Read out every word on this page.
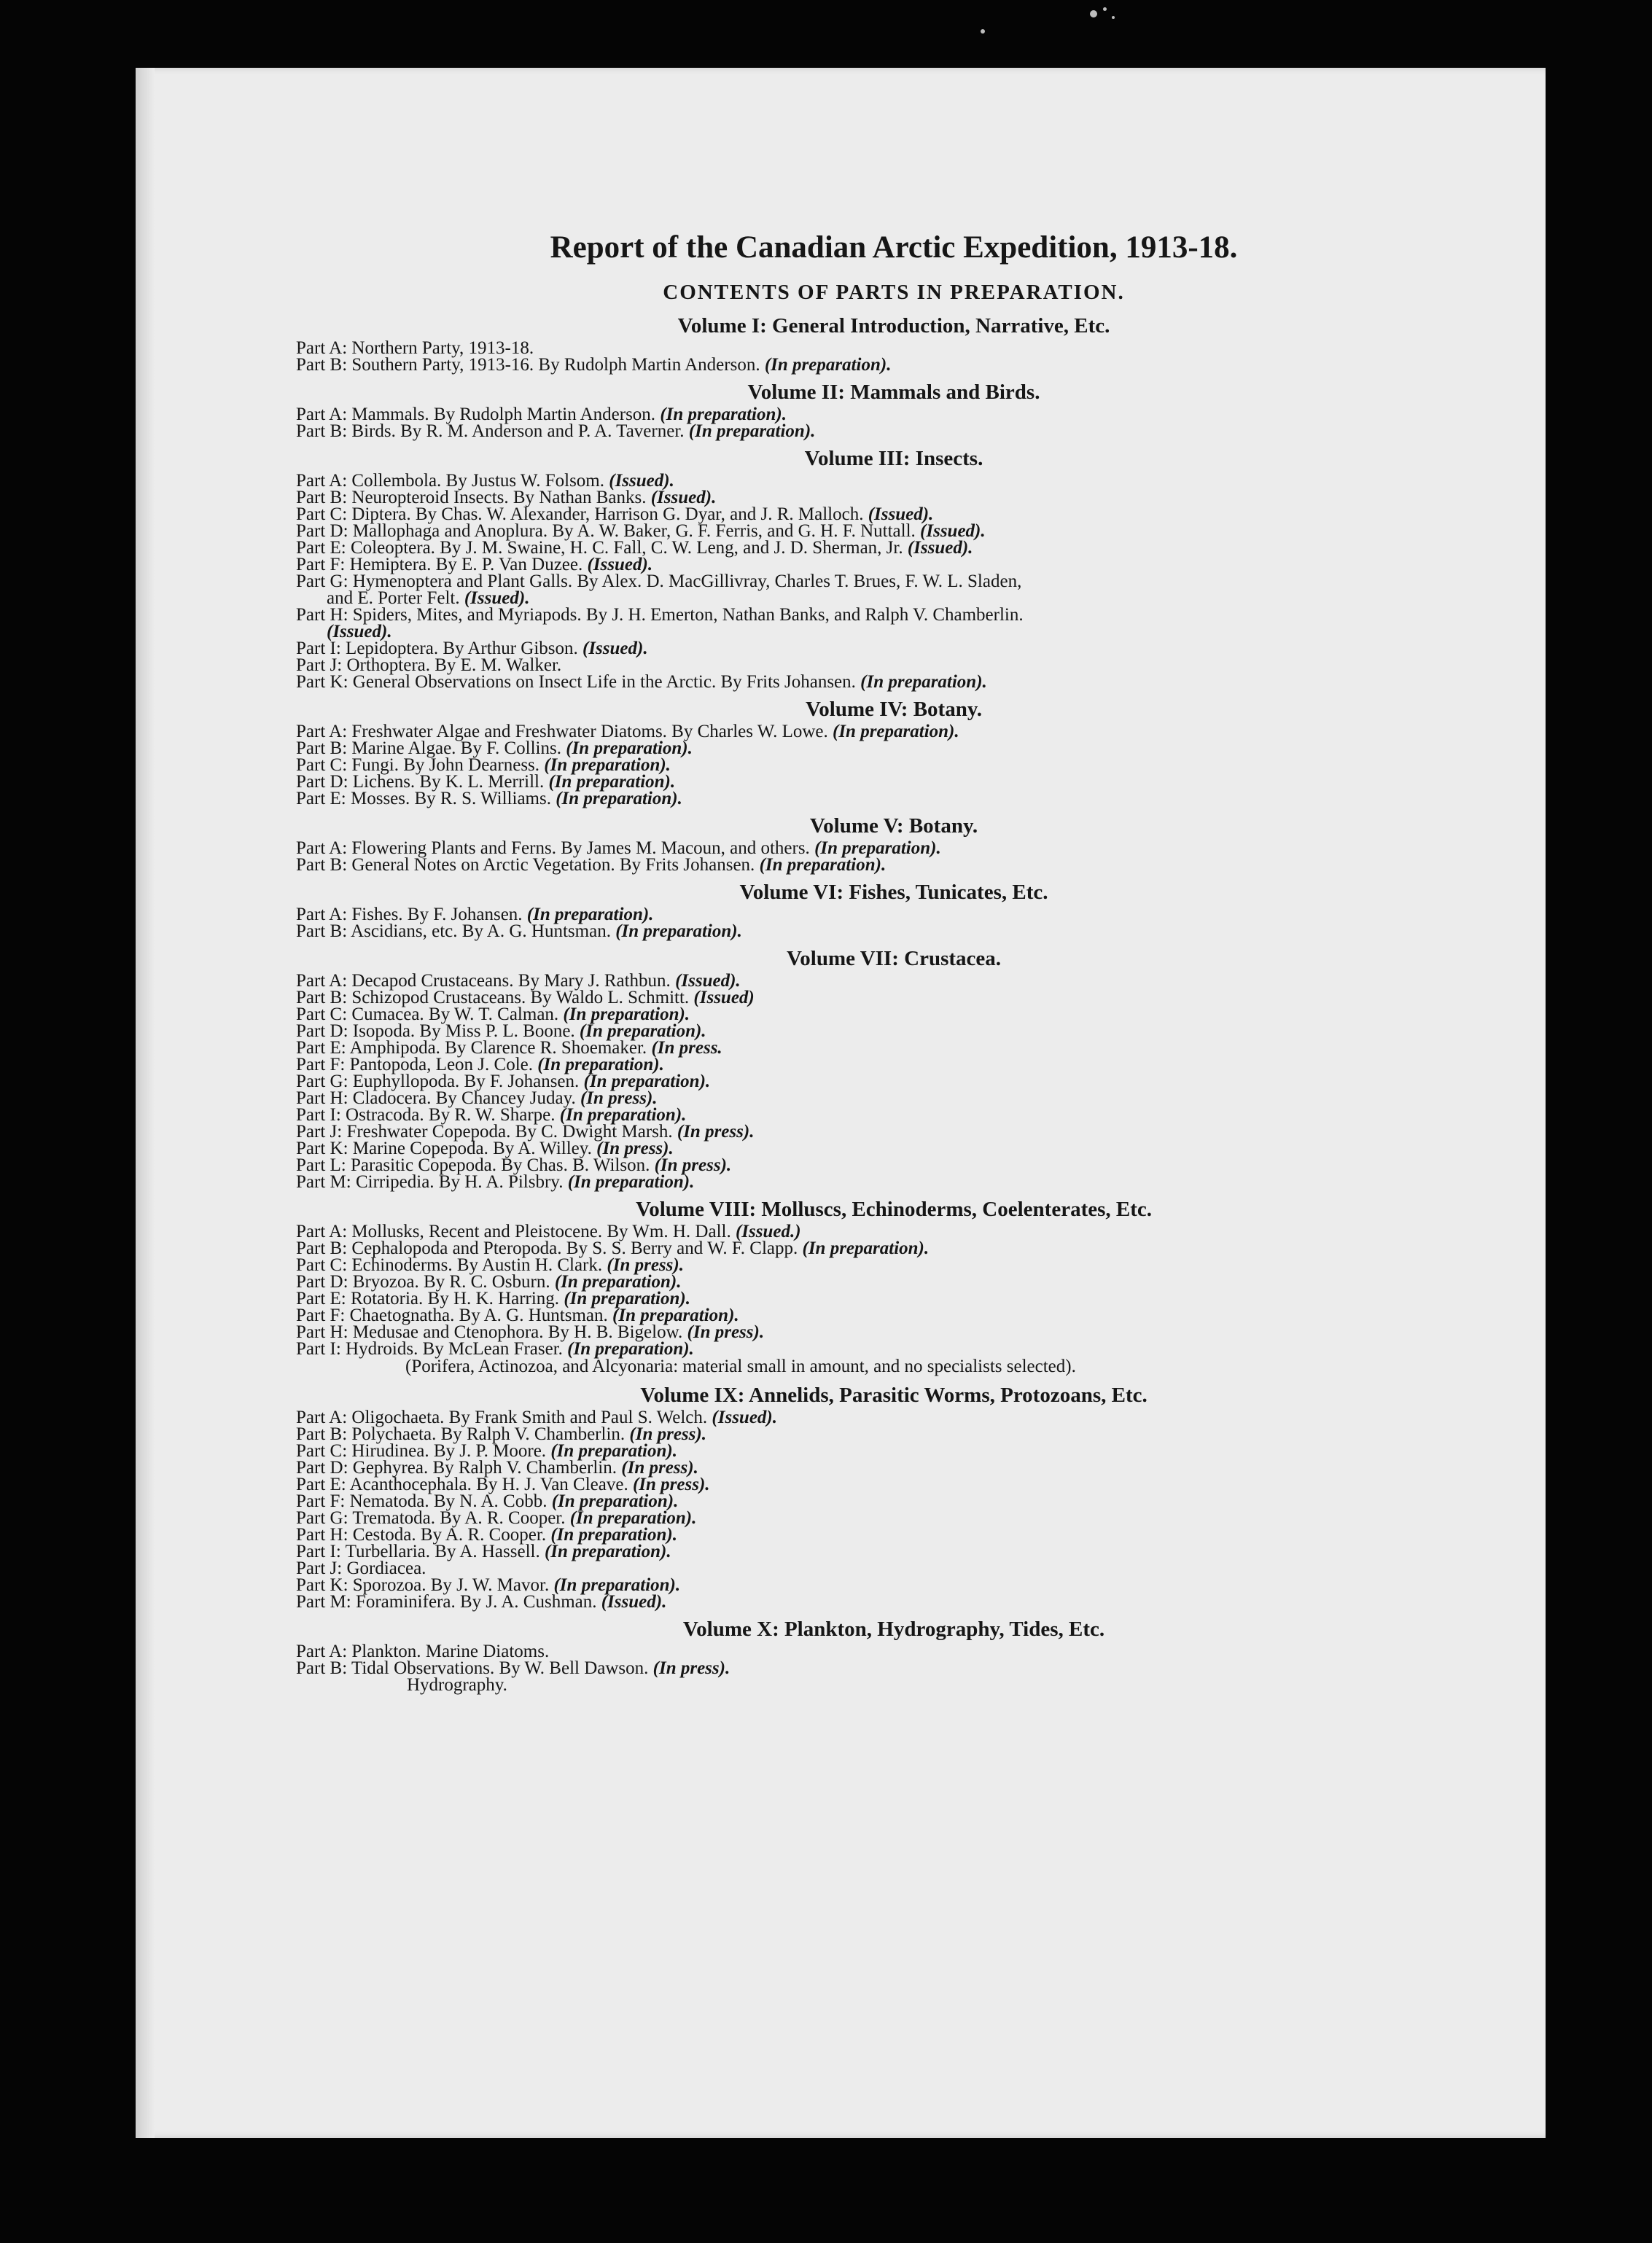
Report of the Canadian Arctic Expedition, 1913-18.
CONTENTS OF PARTS IN PREPARATION.
Volume I: General Introduction, Narrative, Etc.
Part A: Northern Party, 1913-18.
Part B: Southern Party, 1913-16. By Rudolph Martin Anderson. (In preparation).
Volume II: Mammals and Birds.
Part A: Mammals. By Rudolph Martin Anderson. (In preparation).
Part B: Birds. By R. M. Anderson and P. A. Taverner. (In preparation).
Volume III: Insects.
Part A: Collembola. By Justus W. Folsom. (Issued).
Part B: Neuropteroid Insects. By Nathan Banks. (Issued).
Part C: Diptera. By Chas. W. Alexander, Harrison G. Dyar, and J. R. Malloch. (Issued).
Part D: Mallophaga and Anoplura. By A. W. Baker, G. F. Ferris, and G. H. F. Nuttall. (Issued).
Part E: Coleoptera. By J. M. Swaine, H. C. Fall, C. W. Leng, and J. D. Sherman, Jr. (Issued).
Part F: Hemiptera. By E. P. Van Duzee. (Issued).
Part G: Hymenoptera and Plant Galls. By Alex. D. MacGillivray, Charles T. Brues, F. W. L. Sladen,
and E. Porter Felt. (Issued).
Part H: Spiders, Mites, and Myriapods. By J. H. Emerton, Nathan Banks, and Ralph V. Chamberlin.
(Issued).
Part I: Lepidoptera. By Arthur Gibson. (Issued).
Part J: Orthoptera. By E. M. Walker.
Part K: General Observations on Insect Life in the Arctic. By Frits Johansen. (In preparation).
Volume IV: Botany.
Part A: Freshwater Algae and Freshwater Diatoms. By Charles W. Lowe. (In preparation).
Part B: Marine Algae. By F. Collins. (In preparation).
Part C: Fungi. By John Dearness. (In preparation).
Part D: Lichens. By K. L. Merrill. (In preparation).
Part E: Mosses. By R. S. Williams. (In preparation).
Volume V: Botany.
Part A: Flowering Plants and Ferns. By James M. Macoun, and others. (In preparation).
Part B: General Notes on Arctic Vegetation. By Frits Johansen. (In preparation).
Volume VI: Fishes, Tunicates, Etc.
Part A: Fishes. By F. Johansen. (In preparation).
Part B: Ascidians, etc. By A. G. Huntsman. (In preparation).
Volume VII: Crustacea.
Part A: Decapod Crustaceans. By Mary J. Rathbun. (Issued).
Part B: Schizopod Crustaceans. By Waldo L. Schmitt. (Issued)
Part C: Cumacea. By W. T. Calman. (In preparation).
Part D: Isopoda. By Miss P. L. Boone. (In preparation).
Part E: Amphipoda. By Clarence R. Shoemaker. (In press.
Part F: Pantopoda, Leon J. Cole. (In preparation).
Part G: Euphyllopoda. By F. Johansen. (In preparation).
Part H: Cladocera. By Chancey Juday. (In press).
Part I: Ostracoda. By R. W. Sharpe. (In preparation).
Part J: Freshwater Copepoda. By C. Dwight Marsh. (In press).
Part K: Marine Copepoda. By A. Willey. (In press).
Part L: Parasitic Copepoda. By Chas. B. Wilson. (In press).
Part M: Cirripedia. By H. A. Pilsbry. (In preparation).
Volume VIII: Molluscs, Echinoderms, Coelenterates, Etc.
Part A: Mollusks, Recent and Pleistocene. By Wm. H. Dall. (Issued.)
Part B: Cephalopoda and Pteropoda. By S. S. Berry and W. F. Clapp. (In preparation).
Part C: Echinoderms. By Austin H. Clark. (In press).
Part D: Bryozoa. By R. C. Osburn. (In preparation).
Part E: Rotatoria. By H. K. Harring. (In preparation).
Part F: Chaetognatha. By A. G. Huntsman. (In preparation).
Part H: Medusae and Ctenophora. By H. B. Bigelow. (In press).
Part I: Hydroids. By McLean Fraser. (In preparation).
(Porifera, Actinozoa, and Alcyonaria: material small in amount, and no specialists selected).
Volume IX: Annelids, Parasitic Worms, Protozoans, Etc.
Part A: Oligochaeta. By Frank Smith and Paul S. Welch. (Issued).
Part B: Polychaeta. By Ralph V. Chamberlin. (In press).
Part C: Hirudinea. By J. P. Moore. (In preparation).
Part D: Gephyrea. By Ralph V. Chamberlin. (In press).
Part E: Acanthocephala. By H. J. Van Cleave. (In press).
Part F: Nematoda. By N. A. Cobb. (In preparation).
Part G: Trematoda. By A. R. Cooper. (In preparation).
Part H: Cestoda. By A. R. Cooper. (In preparation).
Part I: Turbellaria. By A. Hassell. (In preparation).
Part J: Gordiacea.
Part K: Sporozoa. By J. W. Mavor. (In preparation).
Part M: Foraminifera. By J. A. Cushman. (Issued).
Volume X: Plankton, Hydrography, Tides, Etc.
Part A: Plankton. Marine Diatoms.
Part B: Tidal Observations. By W. Bell Dawson. (In press).
Hydrography.
